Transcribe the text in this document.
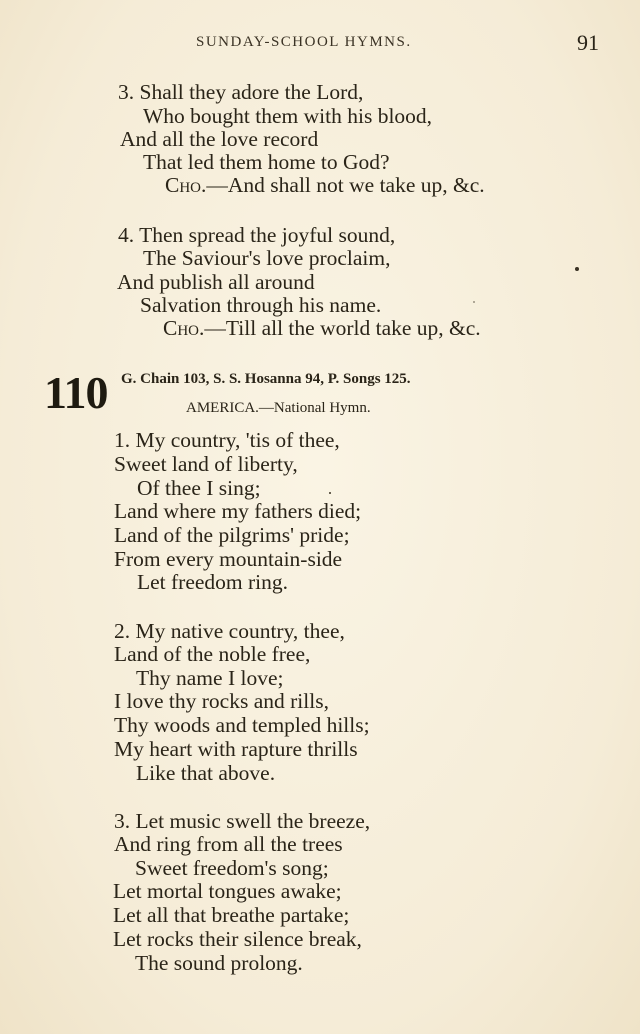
SUNDAY-SCHOOL HYMNS.	91
3. Shall they adore the Lord,
Who bought them with his blood,
And all the love record
That led them home to God?
Cho.—And shall not we take up, &c.
4. Then spread the joyful sound,
The Saviour's love proclaim,
And publish all around
Salvation through his name.
Cho.—Till all the world take up, &c.
110 G. Chain 103, S. S. Hosanna 94, P. Songs 125.
AMERICA.—National Hymn.
1. My country, 'tis of thee,
Sweet land of liberty,
Of thee I sing;
Land where my fathers died;
Land of the pilgrims' pride;
From every mountain-side
Let freedom ring.
2. My native country, thee,
Land of the noble free,
Thy name I love;
I love thy rocks and rills,
Thy woods and templed hills;
My heart with rapture thrills
Like that above.
3. Let music swell the breeze,
And ring from all the trees
Sweet freedom's song;
Let mortal tongues awake;
Let all that breathe partake;
Let rocks their silence break,
The sound prolong.
